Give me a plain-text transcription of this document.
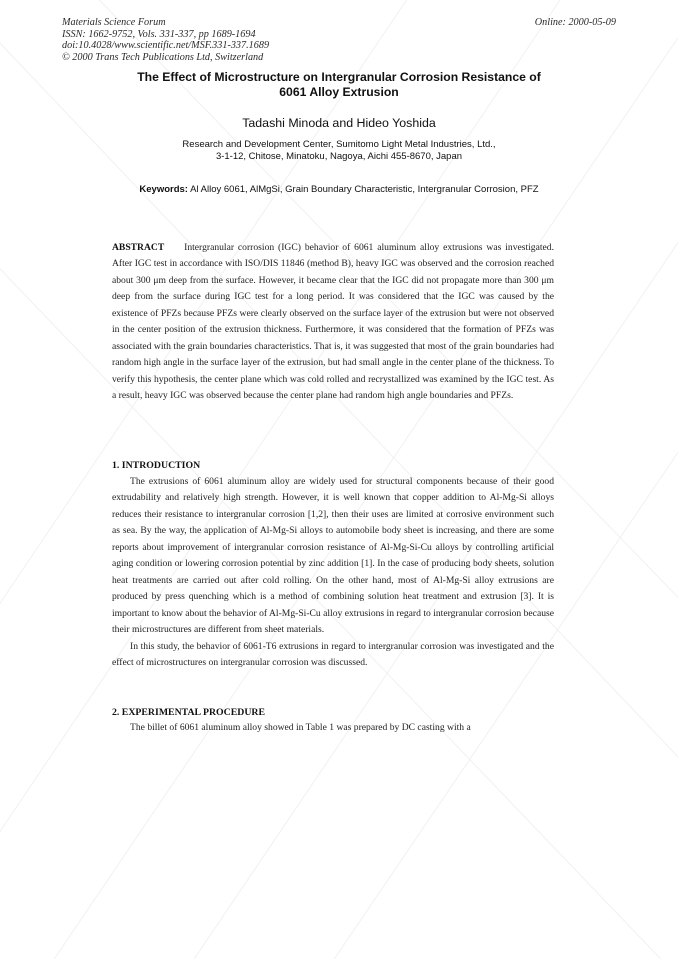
Materials Science Forum
ISSN: 1662-9752, Vols. 331-337, pp 1689-1694
doi:10.4028/www.scientific.net/MSF.331-337.1689
© 2000 Trans Tech Publications Ltd, Switzerland
Online: 2000-05-09
The Effect of Microstructure on Intergranular Corrosion Resistance of
6061 Alloy Extrusion
Tadashi Minoda and Hideo Yoshida
Research and Development Center, Sumitomo Light Metal Industries, Ltd.,
3-1-12, Chitose, Minatoku, Nagoya, Aichi 455-8670, Japan
Keywords: Al Alloy 6061, AlMgSi, Grain Boundary Characteristic, Intergranular Corrosion, PFZ
ABSTRACT Intergranular corrosion (IGC) behavior of 6061 aluminum alloy extrusions was investigated. After IGC test in accordance with ISO/DIS 11846 (method B), heavy IGC was observed and the corrosion reached about 300 μm deep from the surface. However, it became clear that the IGC did not propagate more than 300 μm deep from the surface during IGC test for a long period. It was considered that the IGC was caused by the existence of PFZs because PFZs were clearly observed on the surface layer of the extrusion but were not observed in the center position of the extrusion thickness. Furthermore, it was considered that the formation of PFZs was associated with the grain boundaries characteristics. That is, it was suggested that most of the grain boundaries had random high angle in the surface layer of the extrusion, but had small angle in the center plane of the thickness. To verify this hypothesis, the center plane which was cold rolled and recrystallized was examined by the IGC test. As a result, heavy IGC was observed because the center plane had random high angle boundaries and PFZs.
1. INTRODUCTION

The extrusions of 6061 aluminum alloy are widely used for structural components because of their good extrudability and relatively high strength. However, it is well known that copper addition to Al-Mg-Si alloys reduces their resistance to intergranular corrosion [1,2], then their uses are limited at corrosive environment such as sea. By the way, the application of Al-Mg-Si alloys to automobile body sheet is increasing, and there are some reports about improvement of intergranular corrosion resistance of Al-Mg-Si-Cu alloys by controlling artificial aging condition or lowering corrosion potential by zinc addition [1]. In the case of producing body sheets, solution heat treatments are carried out after cold rolling. On the other hand, most of Al-Mg-Si alloy extrusions are produced by press quenching which is a method of combining solution heat treatment and extrusion [3]. It is important to know about the behavior of Al-Mg-Si-Cu alloy extrusions in regard to intergranular corrosion because their microstructures are different from sheet materials.

In this study, the behavior of 6061-T6 extrusions in regard to intergranular corrosion was investigated and the effect of microstructures on intergranular corrosion was discussed.

2. EXPERIMENTAL PROCEDURE

The billet of 6061 aluminum alloy showed in Table 1 was prepared by DC casting with a
